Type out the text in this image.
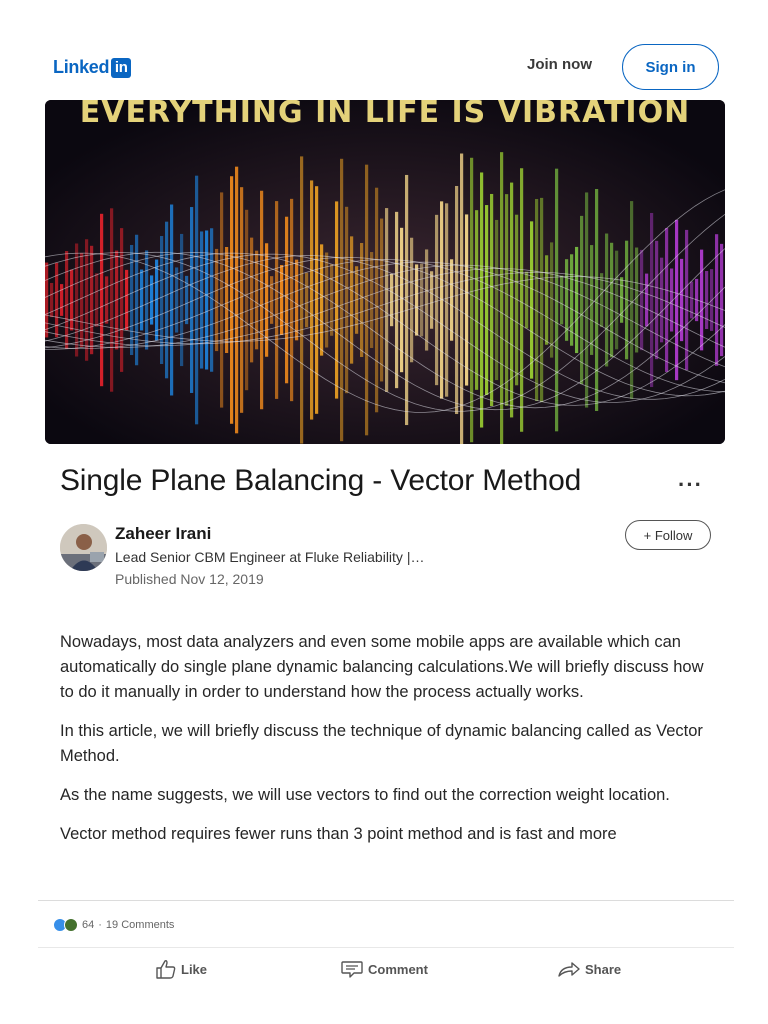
Linked in	Join now	Sign in
EVERYTHING IN LIFE IS VIBRATION
Single Plane Balancing - Vector Method	···
Zaheer Irani
Lead Senior CBM Engineer at Fluke Reliability |…
Published Nov 12, 2019
+ Follow

Nowadays, most data analyzers and even some mobile apps are available which can automatically do single plane dynamic balancing calculations.We will briefly discuss how to do it manually in order to understand how the process actually works.

In this article, we will briefly discuss the technique of dynamic balancing called as Vector Method.

As the name suggests, we will use vectors to find out the correction weight location.

Vector method requires fewer runs than 3 point method and is fast and more

64 · 19 Comments
Like	Comment	Share
